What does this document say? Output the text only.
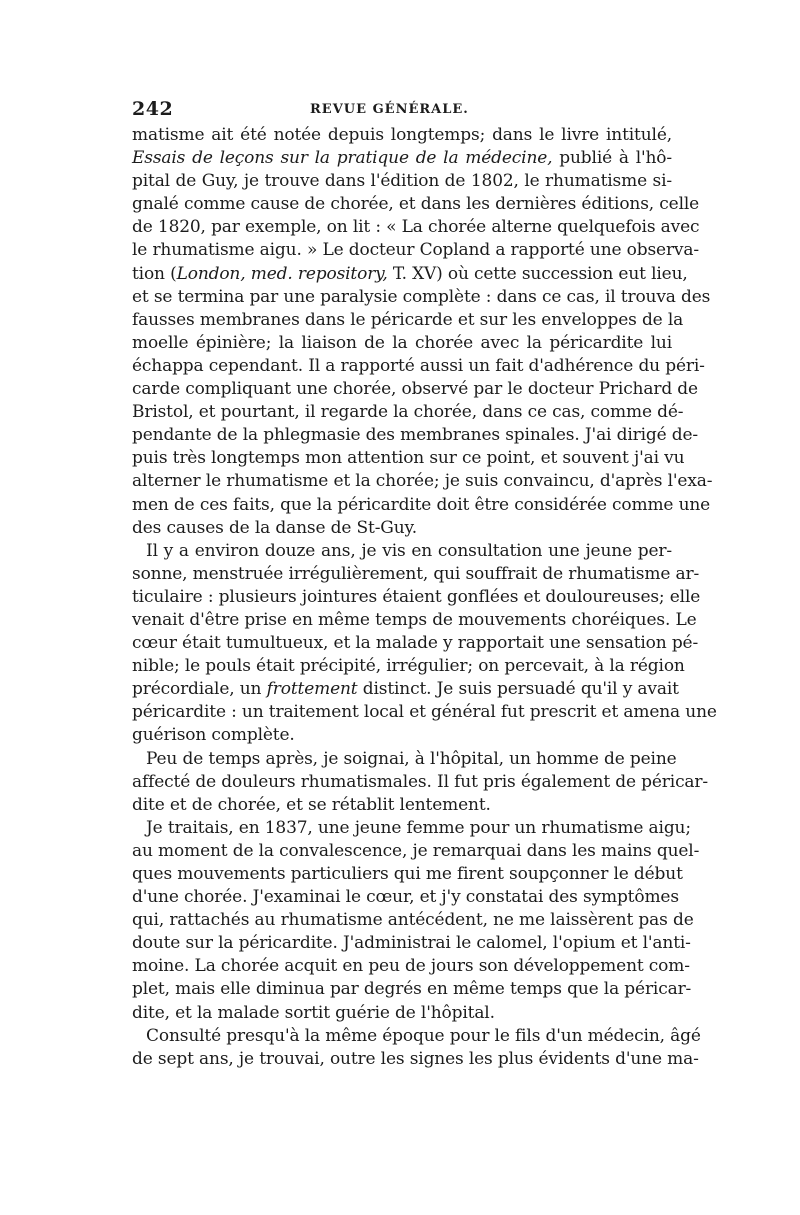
242	REVUE GÉNÉRALE.
matisme ait été notée depuis longtemps; dans le livre intitulé,
Essais de leçons sur la pratique de la médecine, publié à l'hô-
pital de Guy, je trouve dans l'édition de 1802, le rhumatisme si-
gnalé comme cause de chorée, et dans les dernières éditions, celle
de 1820, par exemple, on lit : « La chorée alterne quelquefois avec
le rhumatisme aigu. » Le docteur Copland a rapporté une observa-
tion (London, med. repository, T. XV) où cette succession eut lieu,
et se termina par une paralysie complète : dans ce cas, il trouva des
fausses membranes dans le péricarde et sur les enveloppes de la
moelle épinière; la liaison de la chorée avec la péricardite lui
échappa cependant. Il a rapporté aussi un fait d'adhérence du péri-
carde compliquant une chorée, observé par le docteur Prichard de
Bristol, et pourtant, il regarde la chorée, dans ce cas, comme dé-
pendante de la phlegmasie des membranes spinales. J'ai dirigé de-
puis très longtemps mon attention sur ce point, et souvent j'ai vu
alterner le rhumatisme et la chorée; je suis convaincu, d'après l'exa-
men de ces faits, que la péricardite doit être considérée comme une
des causes de la danse de St-Guy.
Il y a environ douze ans, je vis en consultation une jeune per-
sonne, menstruée irrégulièrement, qui souffrait de rhumatisme ar-
ticulaire : plusieurs jointures étaient gonflées et douloureuses; elle
venait d'être prise en même temps de mouvements choréiques. Le
cœur était tumultueux, et la malade y rapportait une sensation pé-
nible; le pouls était précipité, irrégulier; on percevait, à la région
précordiale, un frottement distinct. Je suis persuadé qu'il y avait
péricardite : un traitement local et général fut prescrit et amena une
guérison complète.
Peu de temps après, je soignai, à l'hôpital, un homme de peine
affecté de douleurs rhumatismales. Il fut pris également de péricar-
dite et de chorée, et se rétablit lentement.
Je traitais, en 1837, une jeune femme pour un rhumatisme aigu;
au moment de la convalescence, je remarquai dans les mains quel-
ques mouvements particuliers qui me firent soupçonner le début
d'une chorée. J'examinai le cœur, et j'y constatai des symptômes
qui, rattachés au rhumatisme antécédent, ne me laissèrent pas de
doute sur la péricardite. J'administrai le calomel, l'opium et l'anti-
moine. La chorée acquit en peu de jours son développement com-
plet, mais elle diminua par degrés en même temps que la péricar-
dite, et la malade sortit guérie de l'hôpital.
Consulté presqu'à la même époque pour le fils d'un médecin, âgé
de sept ans, je trouvai, outre les signes les plus évidents d'une ma-
